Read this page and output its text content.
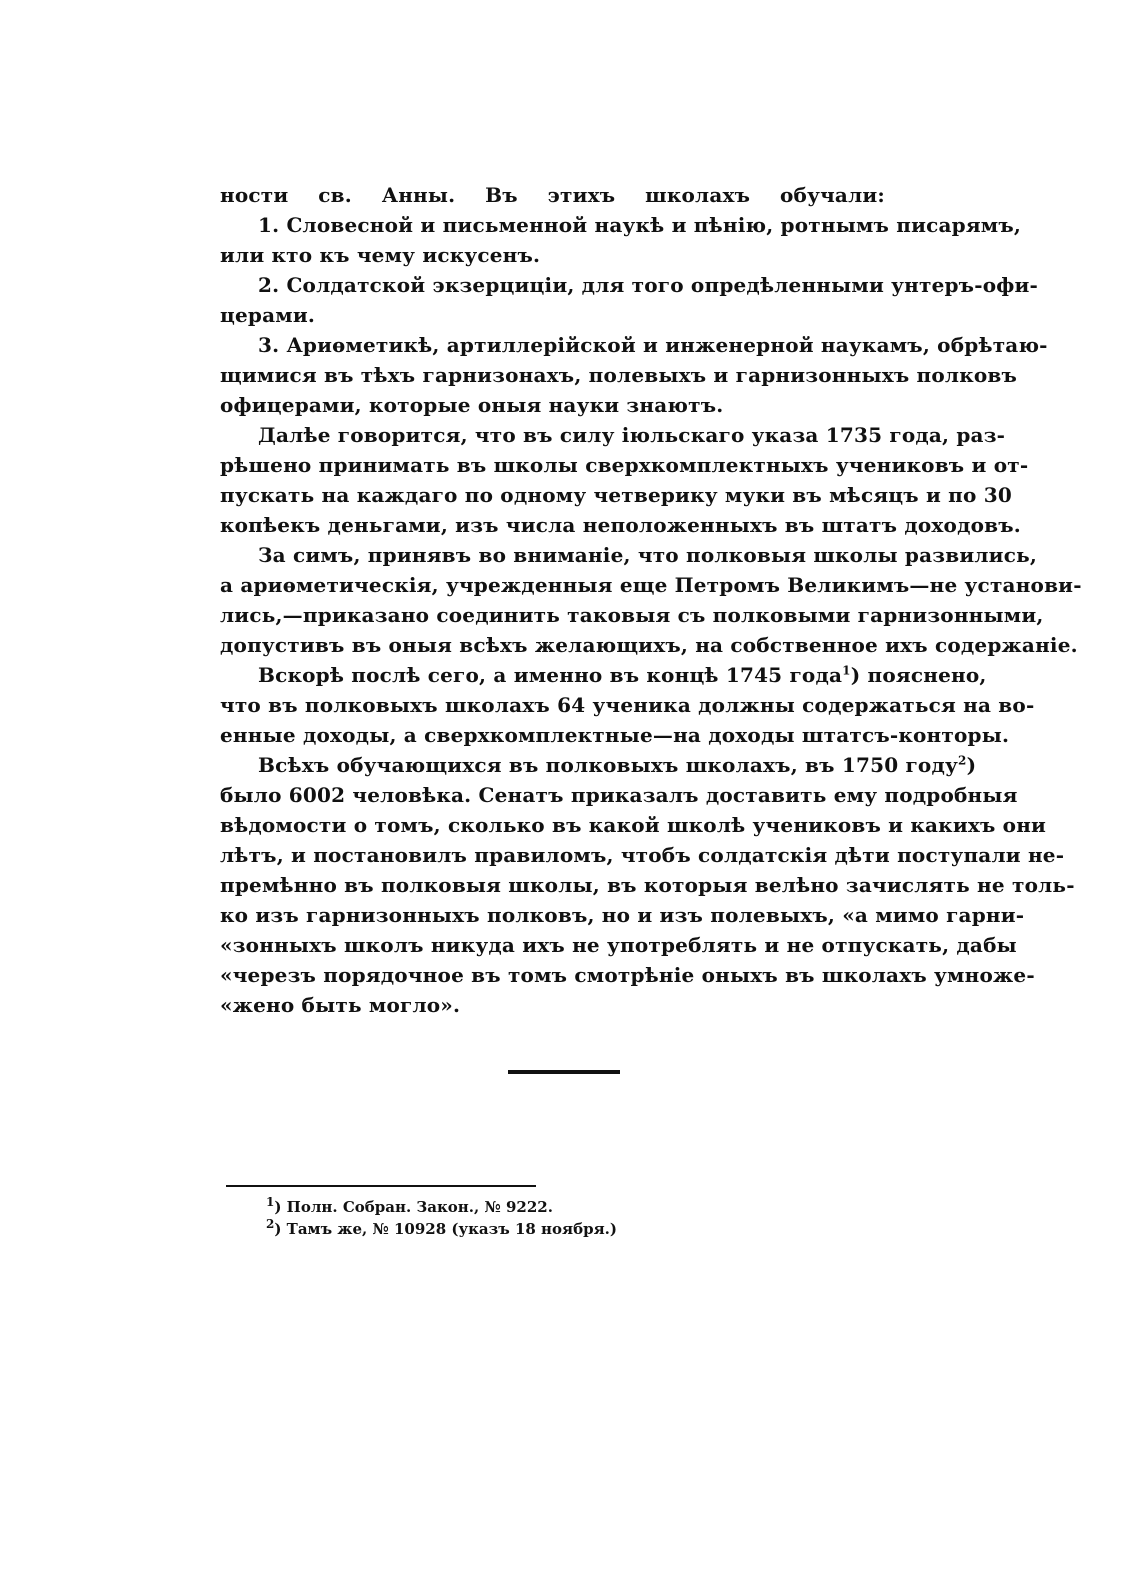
ности св. Анны. Въ этихъ школахъ обучали:
1. Словесной и письменной наукѣ и пѣнію, ротнымъ писарямъ,
или кто къ чему искусенъ.
2. Солдатской экзерциціи, для того опредѣленными унтеръ-офи-
церами.
3. Ариѳметикѣ, артиллерійской и инженерной наукамъ, обрѣтаю-
щимися въ тѣхъ гарнизонахъ, полевыхъ и гарнизонныхъ полковъ
офицерами, которые оныя науки знаютъ.
Далѣе говорится, что въ силу іюльскаго указа 1735 года, раз-
рѣшено принимать въ школы сверхкомплектныхъ учениковъ и от-
пускать на каждаго по одному четверику муки въ мѣсяцъ и по 30
копѣекъ деньгами, изъ числа неположенныхъ въ штатъ доходовъ.
За симъ, принявъ во вниманіе, что полковыя школы развились,
а ариѳметическія, учрежденныя еще Петромъ Великимъ—не установи-
лись,—приказано соединить таковыя съ полковыми гарнизонными,
допустивъ въ оныя всѣхъ желающихъ, на собственное ихъ содержаніе.
Вскорѣ послѣ сего, а именно въ концѣ 1745 года$^1$) пояснено,
что въ полковыхъ школахъ 64 ученика должны содержаться на во-
енные доходы, а сверхкомплектные—на доходы штатсъ-конторы.
Всѣхъ обучающихся въ полковыхъ школахъ, въ 1750 году$^2$)
было 6002 человѣка. Сенатъ приказалъ доставить ему подробныя
вѣдомости о томъ, сколько въ какой школѣ учениковъ и какихъ они
лѣтъ, и постановилъ правиломъ, чтобъ солдатскія дѣти поступали не-
премѣнно въ полковыя школы, въ которыя велѣно зачислять не толь-
ко изъ гарнизонныхъ полковъ, но и изъ полевыхъ, «а мимо гарни-
«зонныхъ школъ никуда ихъ не употреблять и не отпускать, дабы
«черезъ порядочное въ томъ смотрѣніе оныхъ въ школахъ умноже-
«жено быть могло».
$^1$) Полн. Собран. Закон., № 9222.
$^2$) Тамъ же, № 10928 (указъ 18 ноября.)
